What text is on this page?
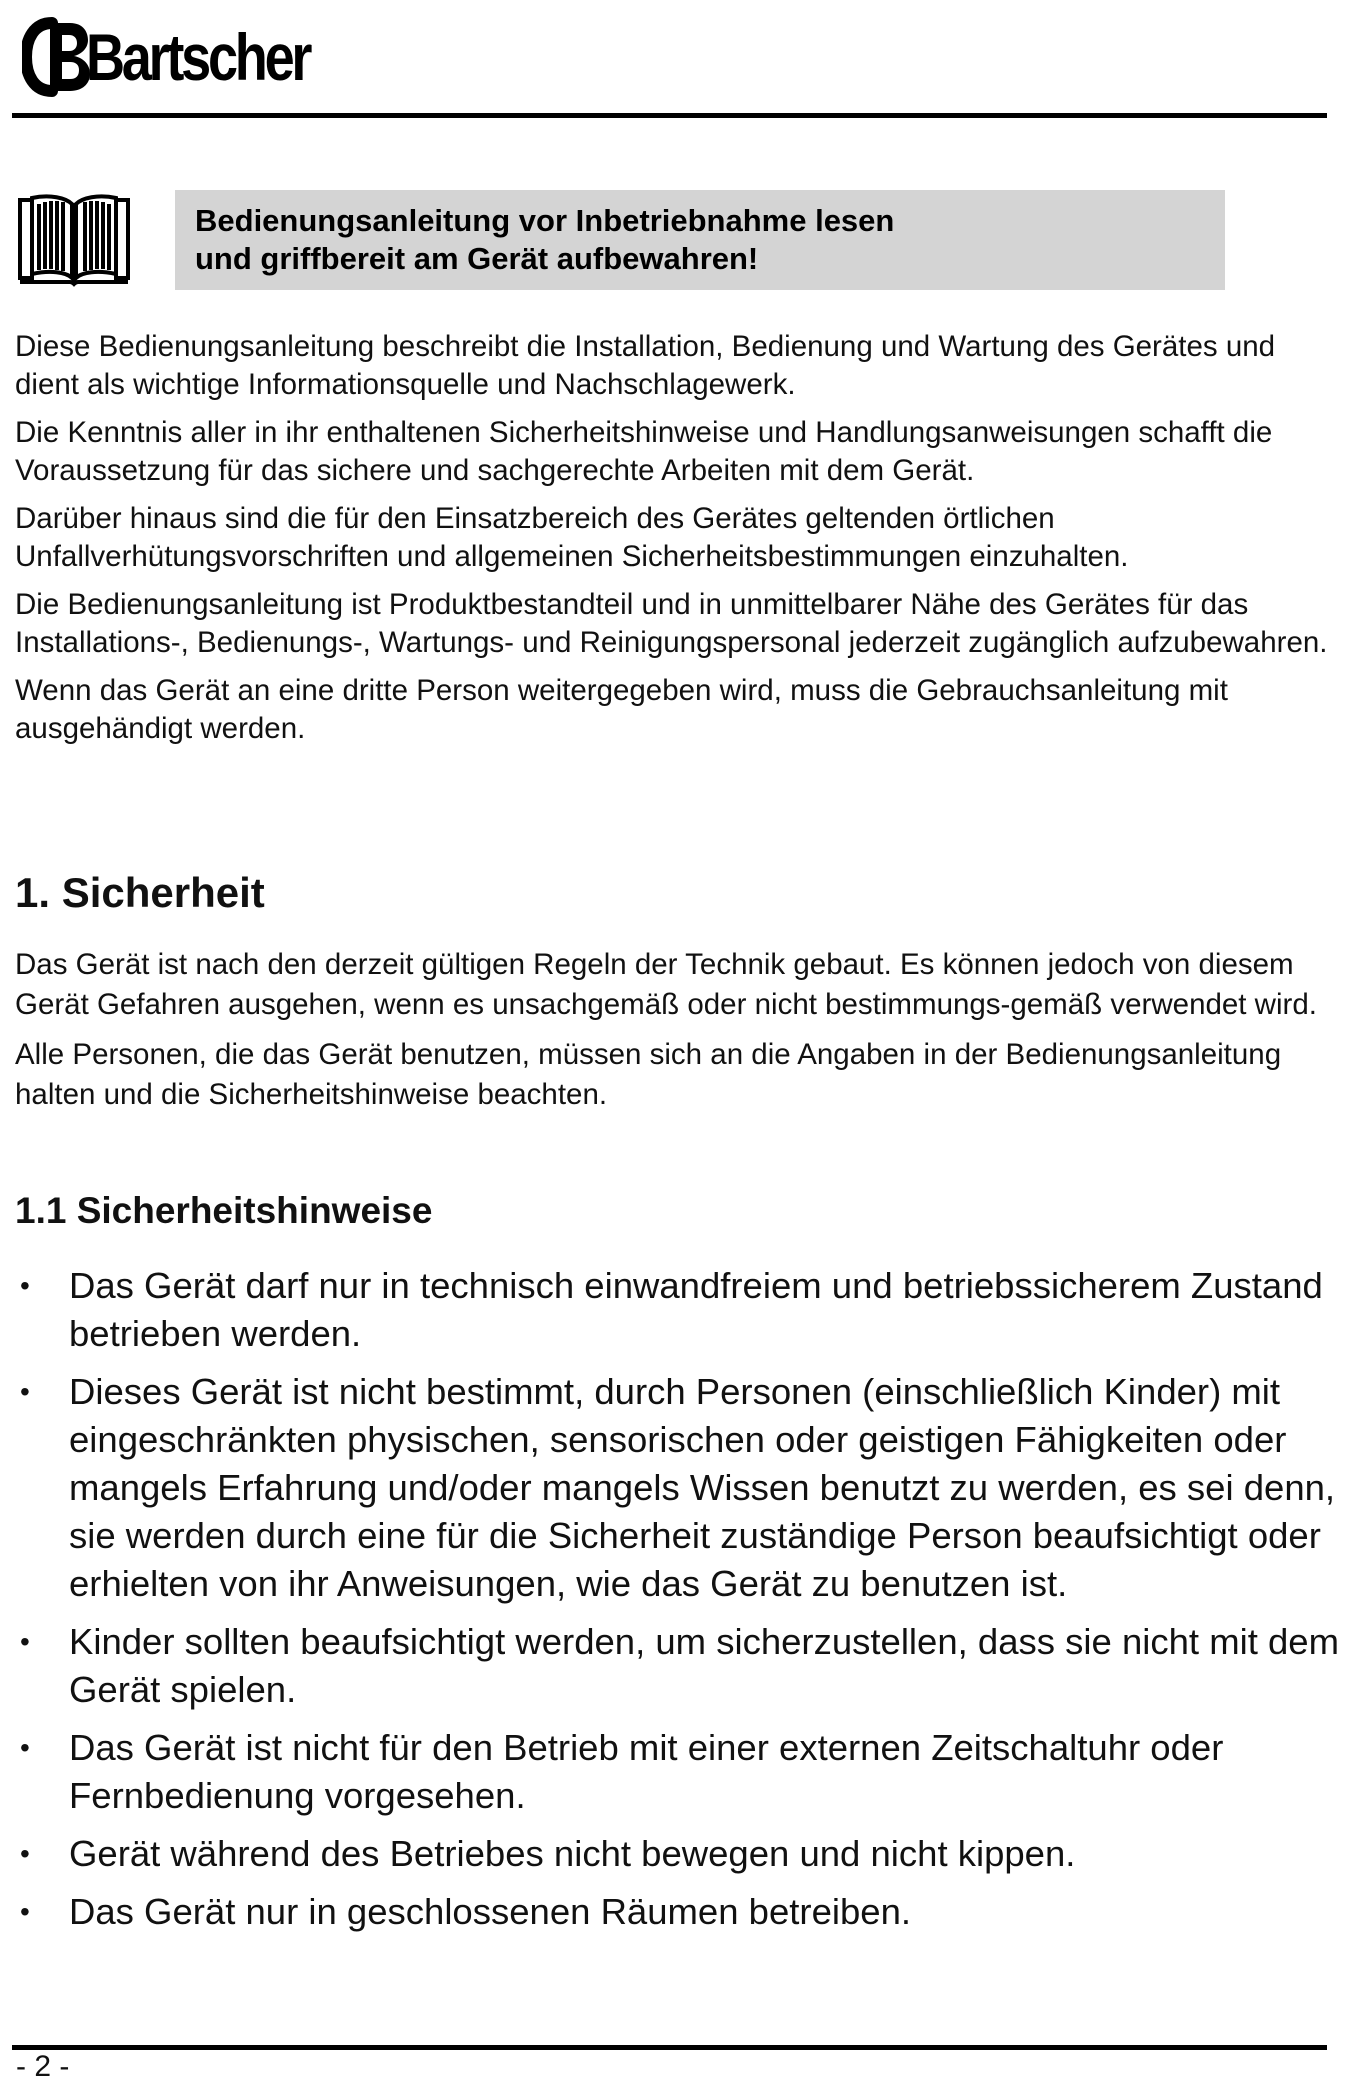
Bartscher
Bedienungsanleitung vor Inbetriebnahme lesen
und griffbereit am Gerät aufbewahren!

Diese Bedienungsanleitung beschreibt die Installation, Bedienung und Wartung des Gerätes und dient als wichtige Informationsquelle und Nachschlagewerk.

Die Kenntnis aller in ihr enthaltenen Sicherheitshinweise und Handlungsanweisungen schafft die Voraussetzung für das sichere und sachgerechte Arbeiten mit dem Gerät.

Darüber hinaus sind die für den Einsatzbereich des Gerätes geltenden örtlichen Unfallverhütungsvorschriften und allgemeinen Sicherheitsbestimmungen einzuhalten.

Die Bedienungsanleitung ist Produktbestandteil und in unmittelbarer Nähe des Gerätes für das Installations-, Bedienungs-, Wartungs- und Reinigungspersonal jederzeit zugänglich aufzubewahren.

Wenn das Gerät an eine dritte Person weitergegeben wird, muss die Gebrauchsanleitung mit ausgehändigt werden.

1. Sicherheit

Das Gerät ist nach den derzeit gültigen Regeln der Technik gebaut. Es können jedoch von diesem Gerät Gefahren ausgehen, wenn es unsachgemäß oder nicht bestimmungs-gemäß verwendet wird.

Alle Personen, die das Gerät benutzen, müssen sich an die Angaben in der Bedienungsanleitung halten und die Sicherheitshinweise beachten.

1.1 Sicherheitshinweise
• Das Gerät darf nur in technisch einwandfreiem und betriebssicherem Zustand betrieben werden.
• Dieses Gerät ist nicht bestimmt, durch Personen (einschließlich Kinder) mit eingeschränkten physischen, sensorischen oder geistigen Fähigkeiten oder mangels Erfahrung und/oder mangels Wissen benutzt zu werden, es sei denn, sie werden durch eine für die Sicherheit zuständige Person beaufsichtigt oder erhielten von ihr Anweisungen, wie das Gerät zu benutzen ist.
• Kinder sollten beaufsichtigt werden, um sicherzustellen, dass sie nicht mit dem Gerät spielen.
• Das Gerät ist nicht für den Betrieb mit einer externen Zeitschaltuhr oder Fernbedienung vorgesehen.
• Gerät während des Betriebes nicht bewegen und nicht kippen.
• Das Gerät nur in geschlossenen Räumen betreiben.
- 2 -
